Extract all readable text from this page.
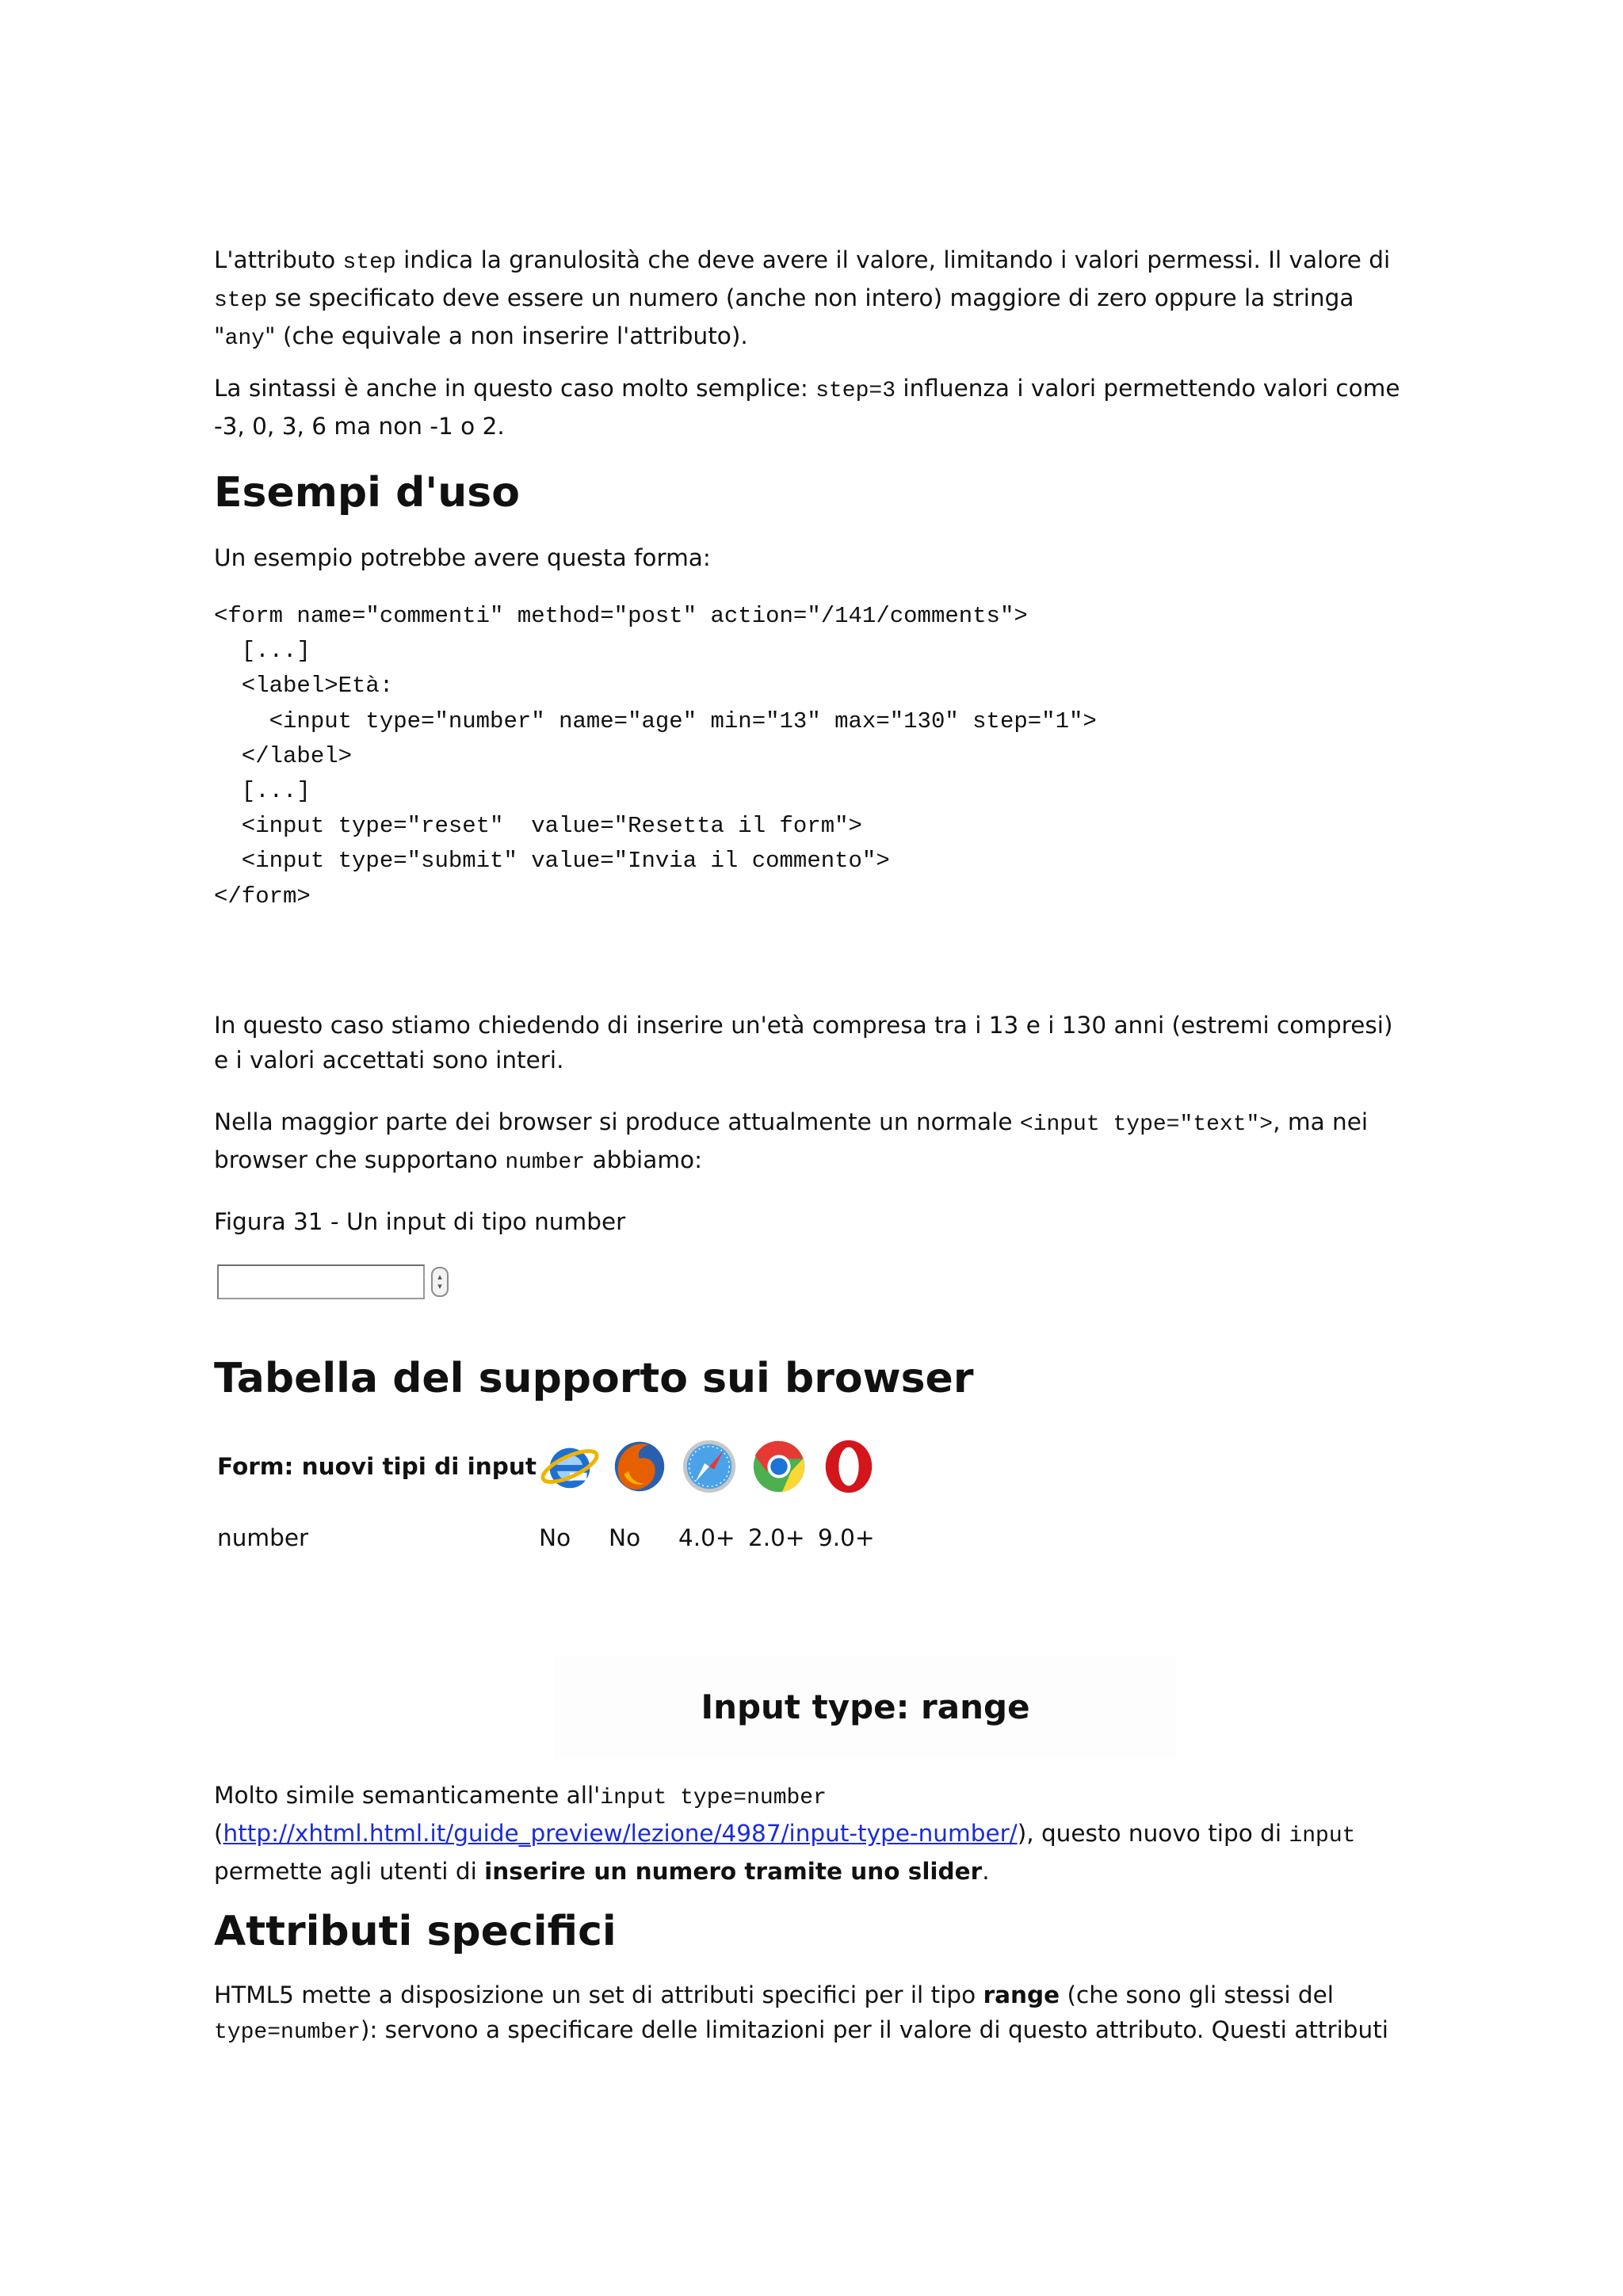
L'attributo step indica la granulosità che deve avere il valore, limitando i valori permessi. Il valore di step se specificato deve essere un numero (anche non intero) maggiore di zero oppure la stringa "any" (che equivale a non inserire l'attributo).

La sintassi è anche in questo caso molto semplice: step=3 influenza i valori permettendo valori come -3, 0, 3, 6 ma non -1 o 2.

Esempi d'uso

Un esempio potrebbe avere questa forma:

<form name="commenti" method="post" action="/141/comments">
[...]
<label>Età:
<input type="number" name="age" min="13" max="130" step="1">
</label>
[...]
<input type="reset"  value="Resetta il form">
<input type="submit" value="Invia il commento">
</form>

In questo caso stiamo chiedendo di inserire un'età compresa tra i 13 e i 130 anni (estremi compresi) e i valori accettati sono interi.

Nella maggior parte dei browser si produce attualmente un normale <input type="text">, ma nei browser che supportano number abbiamo:

Figura 31 - Un input di tipo number

▴
▾
Tabella del supporto sui browser
Form: nuovi tipi di input	

number	No	No	4.0+	2.0+	9.0+
Input type: range

Molto simile semanticamente all'input type=number (http://xhtml.html.it/guide_preview/lezione/4987/input-type-number/), questo nuovo tipo di input permette agli utenti di inserire un numero tramite uno slider.

Attributi specifici

HTML5 mette a disposizione un set di attributi specifici per il tipo range (che sono gli stessi del type=number): servono a specificare delle limitazioni per il valore di questo attributo. Questi attributi
